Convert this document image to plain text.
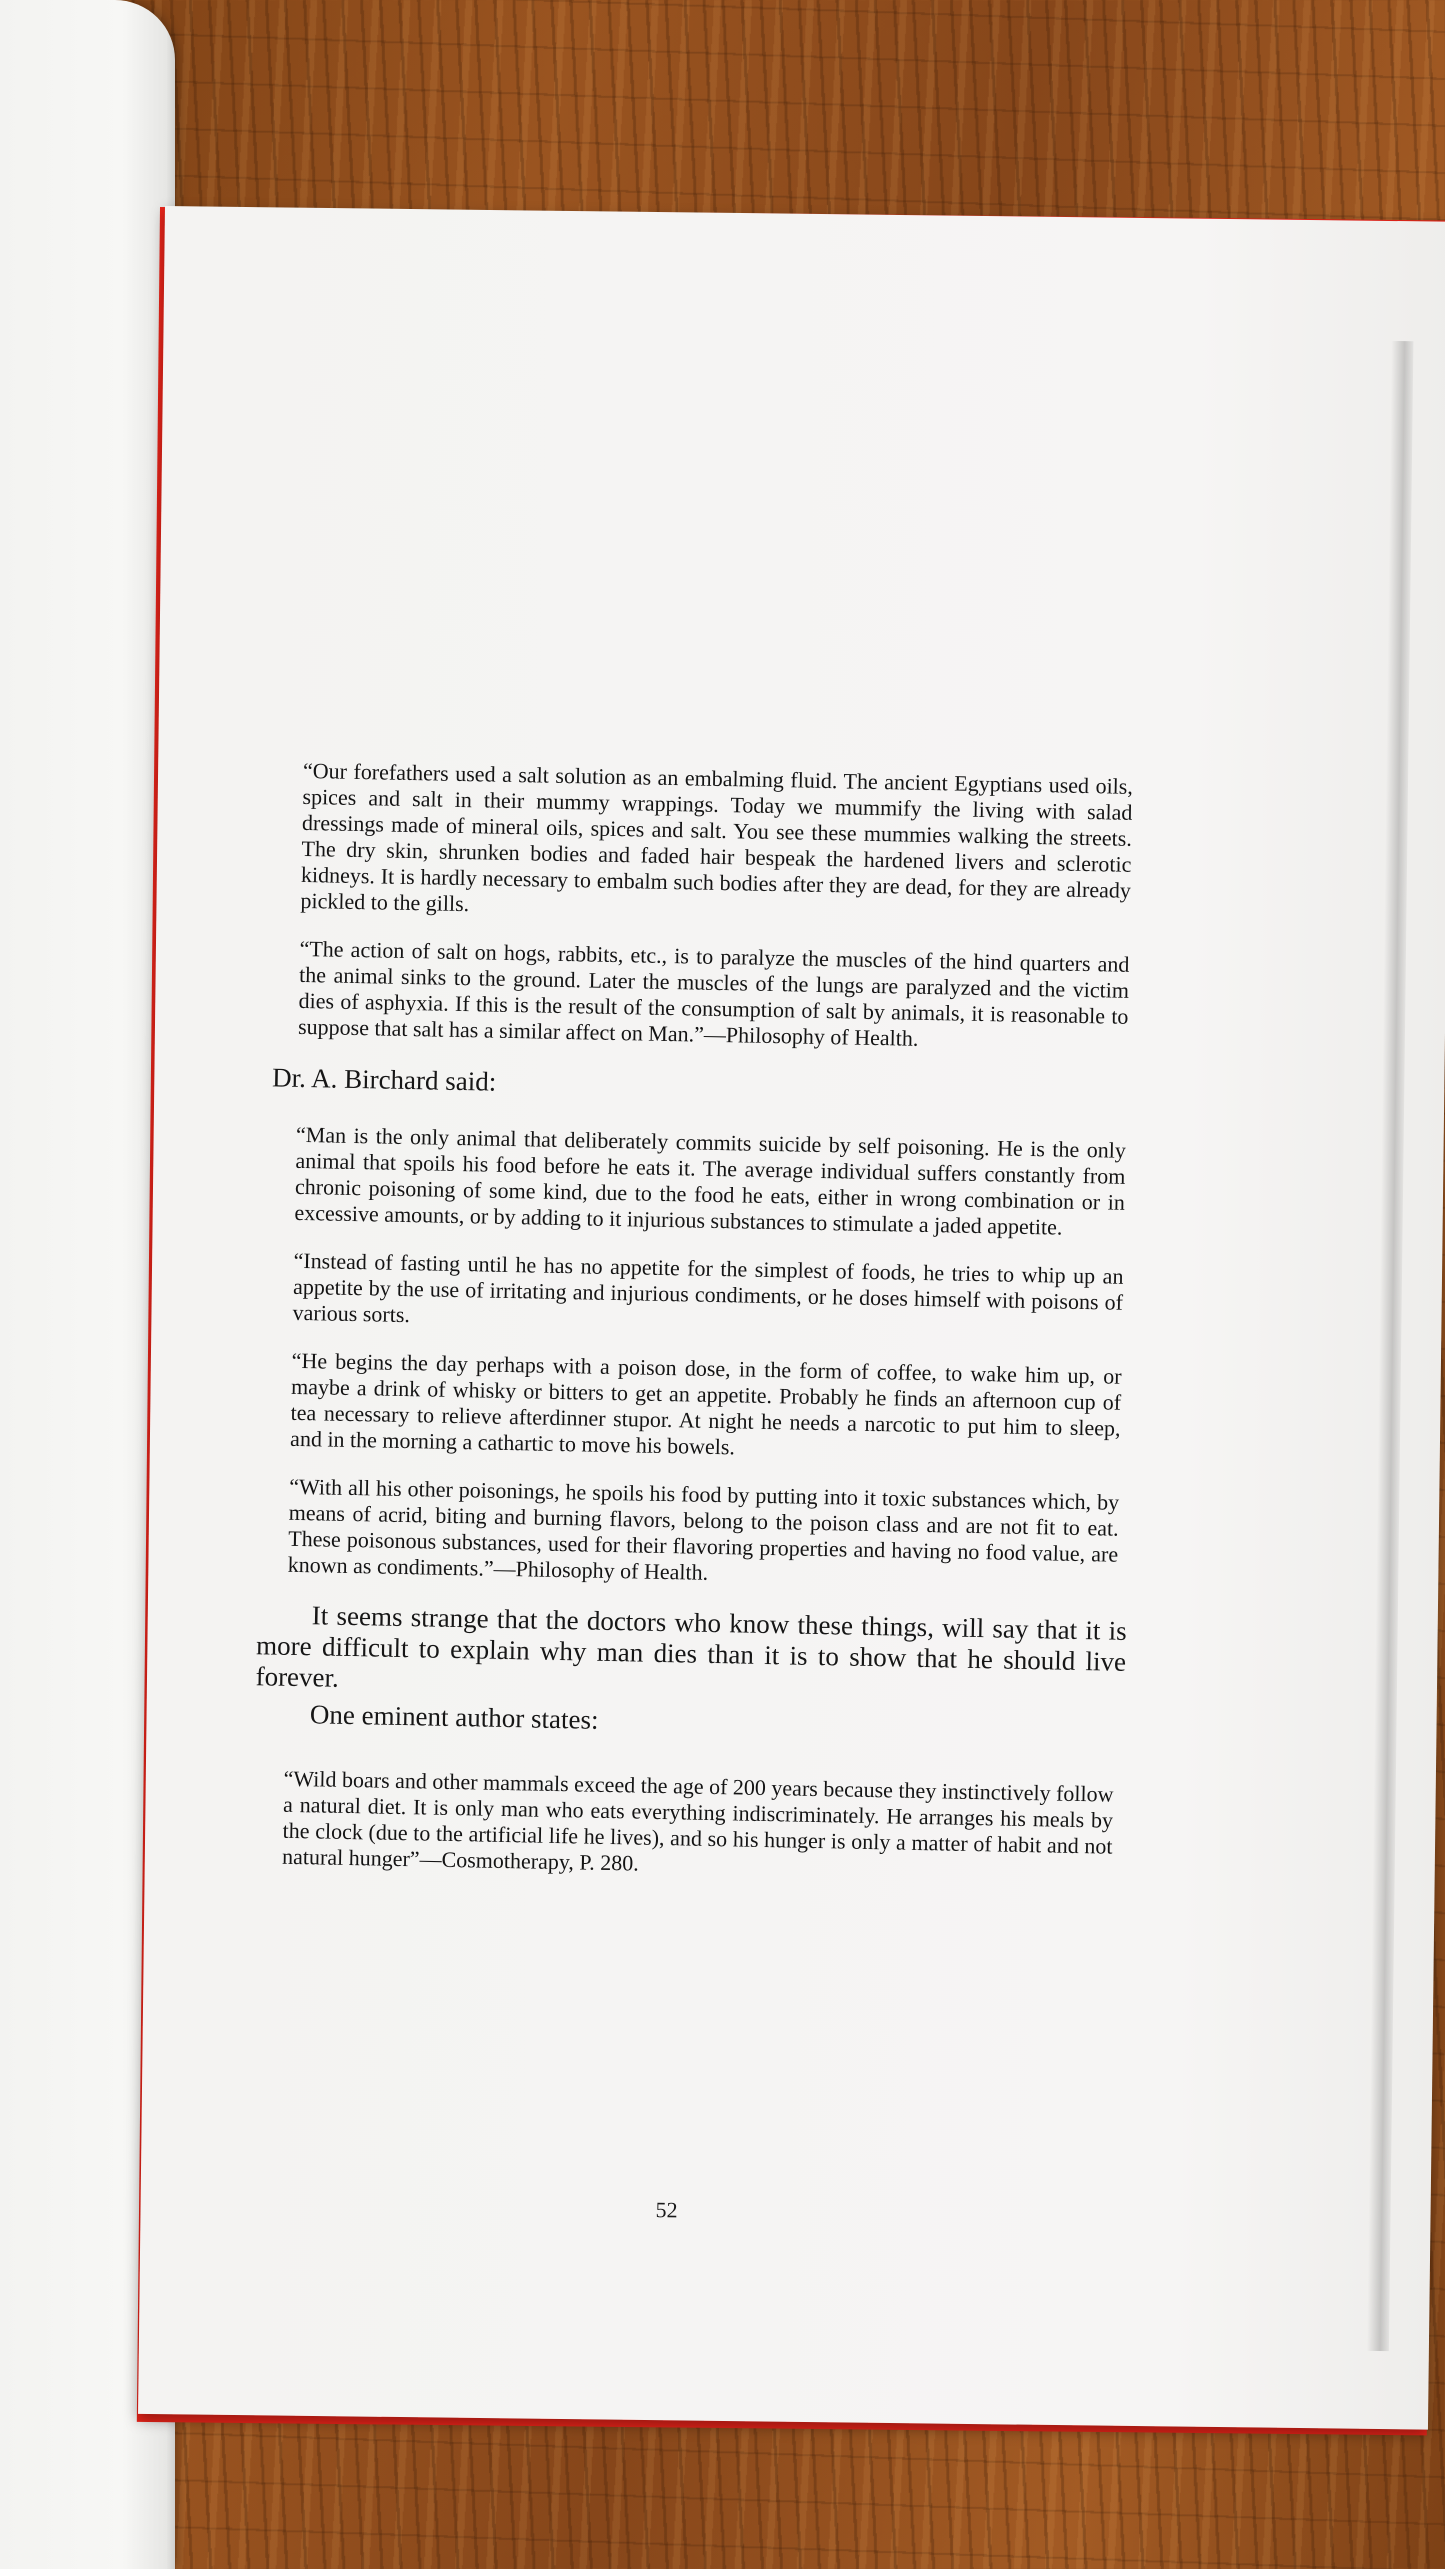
“Our forefathers used a salt solution as an embalming fluid. The ancient Egyptians used oils, spices and salt in their mummy wrappings. Today we mummify the living with salad dressings made of mineral oils, spices and salt. You see these mummies walking the streets. The dry skin, shrunken bodies and faded hair bespeak the hardened livers and sclerotic kidneys. It is hardly necessary to embalm such bodies after they are dead, for they are already pickled to the gills.

“The action of salt on hogs, rabbits, etc., is to paralyze the muscles of the hind quarters and the animal sinks to the ground. Later the muscles of the lungs are paralyzed and the victim dies of asphyxia. If this is the result of the consumption of salt by animals, it is reasonable to suppose that salt has a similar affect on Man.”—Philosophy of Health.

Dr. A. Birchard said:

“Man is the only animal that deliberately commits suicide by self poisoning. He is the only animal that spoils his food before he eats it. The average individual suffers constantly from chronic poisoning of some kind, due to the food he eats, either in wrong combination or in excessive amounts, or by adding to it injurious substances to stimulate a jaded appetite.

“Instead of fasting until he has no appetite for the simplest of foods, he tries to whip up an appetite by the use of irritating and injurious condiments, or he doses himself with poisons of various sorts.

“He begins the day perhaps with a poison dose, in the form of coffee, to wake him up, or maybe a drink of whisky or bitters to get an appetite. Probably he finds an afternoon cup of tea necessary to relieve afterdinner stupor. At night he needs a narcotic to put him to sleep, and in the morning a cathartic to move his bowels.

“With all his other poisonings, he spoils his food by putting into it toxic substances which, by means of acrid, biting and burning flavors, belong to the poison class and are not fit to eat. These poisonous substances, used for their flavoring properties and having no food value, are known as condiments.”—Philosophy of Health.

It seems strange that the doctors who know these things, will say that it is more difficult to explain why man dies than it is to show that he should live forever.

One eminent author states:

“Wild boars and other mammals exceed the age of 200 years because they instinctively follow a natural diet. It is only man who eats everything indiscriminately. He arranges his meals by the clock (due to the artificial life he lives), and so his hunger is only a matter of habit and not natural hunger”—Cosmotherapy, P. 280.

52
